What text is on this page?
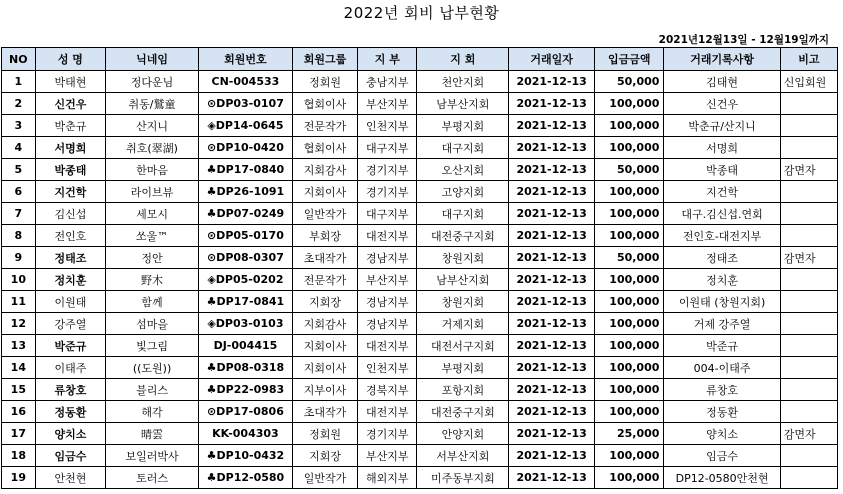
2022년 회비 납부현황
2021년12월13일 - 12월19일까지
NO	성 명	닉네임	회원번호	회원그룹	지 부	지 회	거래일자	입금금액	거래기록사항	비고
1	박태현	정다운님	CN-004533	정회원	충남지부	천안지회	2021-12-13	50,000	김태현	신입회원
2	신건우	취동/鷲童	⊙DP03-0107	협회이사	부산지부	남부산지회	2021-12-13	100,000	신건우	
3	박춘규	산지니	◈DP14-0645	전문작가	인천지부	부평지회	2021-12-13	100,000	박춘규/산지니	
4	서명희	취호(翠湖)	⊙DP10-0420	협회이사	대구지부	대구지회	2021-12-13	100,000	서명희	
5	박종태	한마음	♣DP17-0840	지회감사	경기지부	오산지회	2021-12-13	50,000	박종태	감면자
6	지건학	라이브뷰	♣DP26-1091	지회이사	경기지부	고양지회	2021-12-13	100,000	지건학	
7	김신섭	세모시	♣DP07-0249	일반작가	대구지부	대구지회	2021-12-13	100,000	대구.김신섭.연회	
8	전인호	쏘울™	⊙DP05-0170	부회장	대전지부	대전중구지회	2021-12-13	100,000	전인호-대전지부	
9	정태조	정안	⊙DP08-0307	초대작가	경남지부	창원지회	2021-12-13	50,000	정태조	감면자
10	정치훈	野木	◈DP05-0202	전문작가	부산지부	남부산지회	2021-12-13	100,000	정치훈	
11	이원태	함께	♣DP17-0841	지회장	경남지부	창원지회	2021-12-13	100,000	이원태 (창원지회)	
12	강주열	섬마을	◈DP03-0103	지회감사	경남지부	거제지회	2021-12-13	100,000	거제 강주열	
13	박준규	빛그림	DJ-004415	지회이사	대전지부	대전서구지회	2021-12-13	100,000	박준규	
14	이태주	((도원))	♣DP08-0318	지회이사	인천지부	부평지회	2021-12-13	100,000	004-이태주	
15	류창호	블리스	♣DP22-0983	지부이사	경북지부	포항지회	2021-12-13	100,000	류창호	
16	정동환	해각	⊙DP17-0806	초대작가	대전지부	대전중구지회	2021-12-13	100,000	정동환	
17	양치소	晴雲	KK-004303	정회원	경기지부	안양지회	2021-12-13	25,000	양치소	감면자
18	임금수	보일러박사	♣DP10-0432	지회장	부산지부	서부산지회	2021-12-13	100,000	임금수	
19	안천현	토러스	♣DP12-0580	일반작가	해외지부	미주동부지회	2021-12-13	100,000	DP12-0580안천현	
